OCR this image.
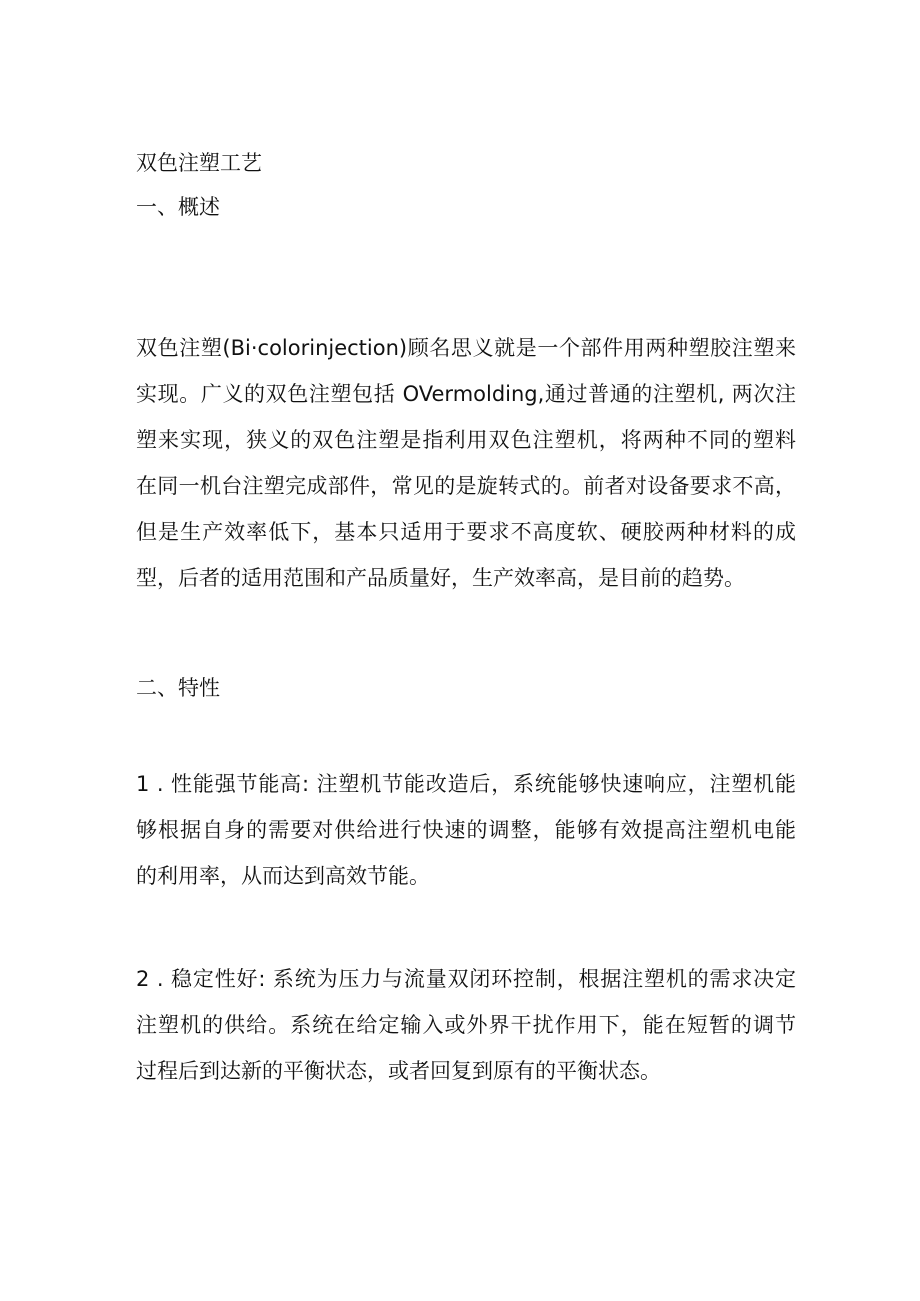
双色注塑工艺
一、概述
双色注塑(Bi·colorinjection)顾名思义就是一个部件用两种塑胶注塑来
实现。广义的双色注塑包括 OVermolding,通过普通的注塑机, 两次注
塑来实现，狭义的双色注塑是指利用双色注塑机，将两种不同的塑料
在同一机台注塑完成部件，常见的是旋转式的。前者对设备要求不高，
但是生产效率低下，基本只适用于要求不高度软、硬胶两种材料的成
型，后者的适用范围和产品质量好，生产效率高，是目前的趋势。
二、特性
1 . 性能强节能高: 注塑机节能改造后，系统能够快速响应，注塑机能
够根据自身的需要对供给进行快速的调整，能够有效提高注塑机电能
的利用率，从而达到高效节能。
2 . 稳定性好: 系统为压力与流量双闭环控制，根据注塑机的需求决定
注塑机的供给。系统在给定输入或外界干扰作用下，能在短暂的调节
过程后到达新的平衡状态，或者回复到原有的平衡状态。
